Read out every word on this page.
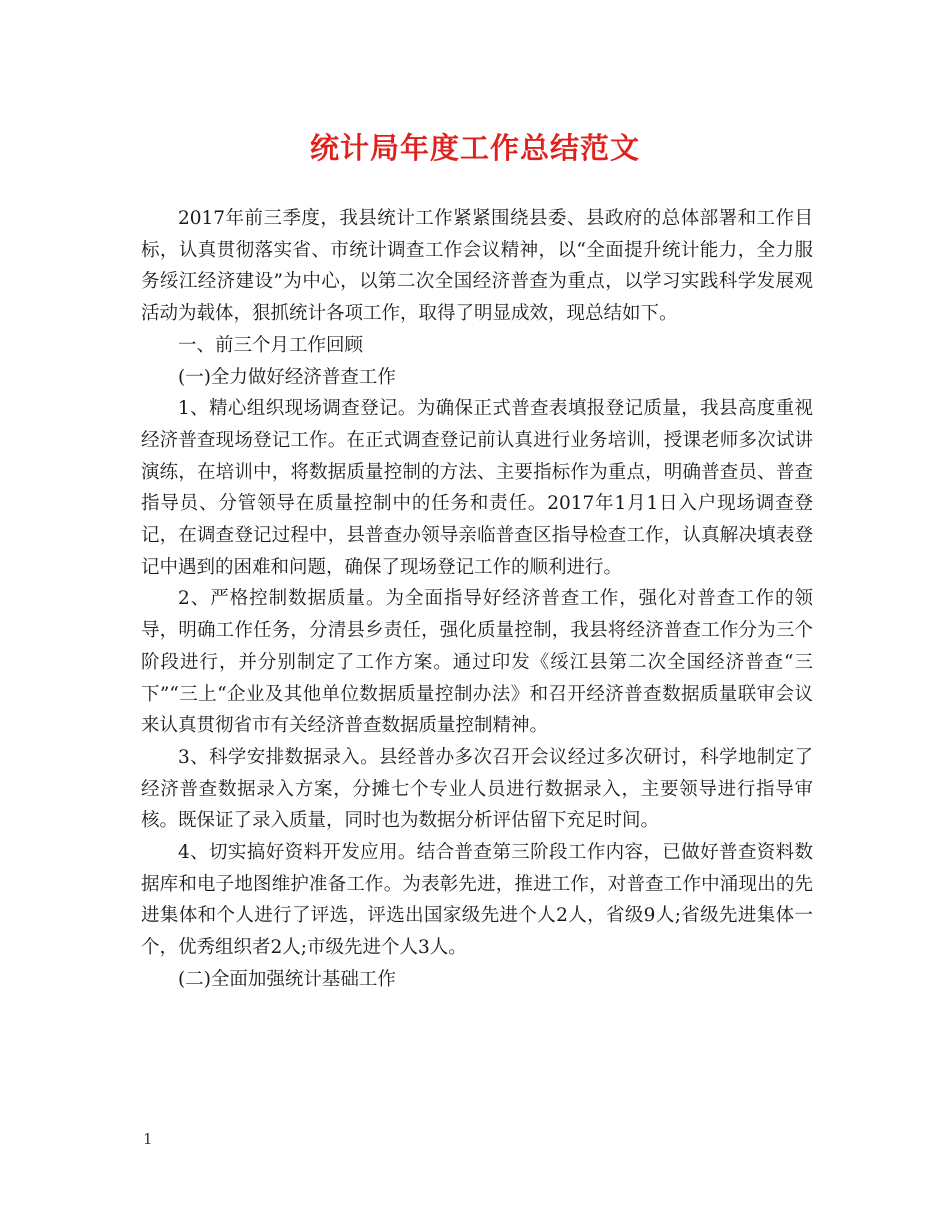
统计局年度工作总结范文

2017年前三季度，我县统计工作紧紧围绕县委、县政府的总体部署和工作目标，认真贯彻落实省、市统计调查工作会议精神，以“全面提升统计能力，全力服务绥江经济建设”为中心，以第二次全国经济普查为重点，以学习实践科学发展观活动为载体，狠抓统计各项工作，取得了明显成效，现总结如下。

一、前三个月工作回顾

(一)全力做好经济普查工作

1、精心组织现场调查登记。为确保正式普查表填报登记质量，我县高度重视经济普查现场登记工作。在正式调查登记前认真进行业务培训，授课老师多次试讲演练，在培训中，将数据质量控制的方法、主要指标作为重点，明确普查员、普查指导员、分管领导在质量控制中的任务和责任。2017年1月1日入户现场调查登记，在调查登记过程中，县普查办领导亲临普查区指导检查工作，认真解决填表登记中遇到的困难和问题，确保了现场登记工作的顺利进行。

2、严格控制数据质量。为全面指导好经济普查工作，强化对普查工作的领导，明确工作任务，分清县乡责任，强化质量控制，我县将经济普查工作分为三个阶段进行，并分别制定了工作方案。通过印发《绥江县第二次全国经济普查“三下”“三上“企业及其他单位数据质量控制办法》和召开经济普查数据质量联审会议来认真贯彻省市有关经济普查数据质量控制精神。

3、科学安排数据录入。县经普办多次召开会议经过多次研讨，科学地制定了经济普查数据录入方案，分摊七个专业人员进行数据录入，主要领导进行指导审核。既保证了录入质量，同时也为数据分析评估留下充足时间。

4、切实搞好资料开发应用。结合普查第三阶段工作内容，已做好普查资料数据库和电子地图维护准备工作。为表彰先进，推进工作，对普查工作中涌现出的先进集体和个人进行了评选，评选出国家级先进个人2人，省级9人;省级先进集体一个，优秀组织者2人;市级先进个人3人。

(二)全面加强统计基础工作

1
